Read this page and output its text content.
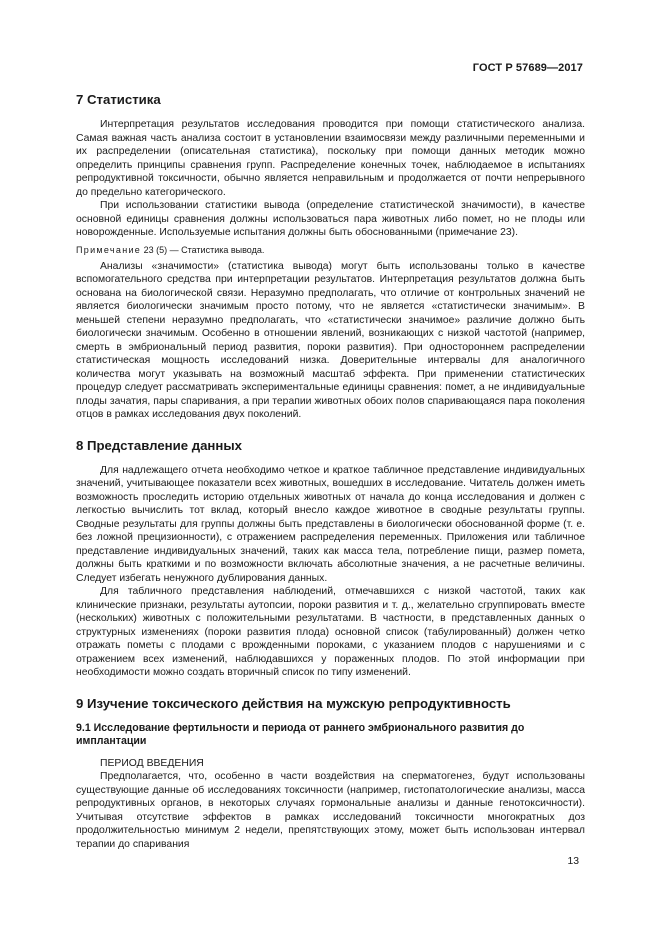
ГОСТ Р 57689—2017
7 Статистика

Интерпретация результатов исследования проводится при помощи статистического анализа. Самая важная часть анализа состоит в установлении взаимосвязи между различными переменными и их распределении (описательная статистика), поскольку при помощи данных методик можно определить принципы сравнения групп. Распределение конечных точек, наблюдаемое в испытаниях репродуктивной токсичности, обычно является неправильным и продолжается от почти непрерывного до предельно категорического.

При использовании статистики вывода (определение статистической значимости), в качестве основной единицы сравнения должны использоваться пара животных либо помет, но не плоды или новорожденные. Используемые испытания должны быть обоснованными (примечание 23).

Примечание 23 (5) — Статистика вывода.

Анализы «значимости» (статистика вывода) могут быть использованы только в качестве вспомогательного средства при интерпретации результатов. Интерпретация результатов должна быть основана на биологической связи. Неразумно предполагать, что отличие от контрольных значений не является биологически значимым просто потому, что не является «статистически значимым». В меньшей степени неразумно предполагать, что «статистически значимое» различие должно быть биологически значимым. Особенно в отношении явлений, возникающих с низкой частотой (например, смерть в эмбриональный период развития, пороки развития). При одностороннем распределении статистическая мощность исследований низка. Доверительные интервалы для аналогичного количества могут указывать на возможный масштаб эффекта. При применении статистических процедур следует рассматривать экспериментальные единицы сравнения: помет, а не индивидуальные плоды зачатия, пары спаривания, а при терапии животных обоих полов спаривающаяся пара поколения отцов в рамках исследования двух поколений.

8 Представление данных

Для надлежащего отчета необходимо четкое и краткое табличное представление индивидуальных значений, учитывающее показатели всех животных, вошедших в исследование. Читатель должен иметь возможность проследить историю отдельных животных от начала до конца исследования и должен с легкостью вычислить тот вклад, который внесло каждое животное в сводные результаты группы. Сводные результаты для группы должны быть представлены в биологически обоснованной форме (т. е. без ложной прецизионности), с отражением распределения переменных. Приложения или табличное представление индивидуальных значений, таких как масса тела, потребление пищи, размер помета, должны быть краткими и по возможности включать абсолютные значения, а не расчетные величины. Следует избегать ненужного дублирования данных.

Для табличного представления наблюдений, отмечавшихся с низкой частотой, таких как клинические признаки, результаты аутопсии, пороки развития и т. д., желательно сгруппировать вместе (нескольких) животных с положительными результатами. В частности, в представленных данных о структурных изменениях (пороки развития плода) основной список (табулированный) должен четко отражать пометы с плодами с врожденными пороками, с указанием плодов с нарушениями и с отражением всех изменений, наблюдавшихся у пораженных плодов. По этой информации при необходимости можно создать вторичный список по типу изменений.

9 Изучение токсического действия на мужскую репродуктивность
9.1 Исследование фертильности и периода от раннего эмбрионального развития до имплантации

ПЕРИОД ВВЕДЕНИЯ

Предполагается, что, особенно в части воздействия на сперматогенез, будут использованы существующие данные об исследованиях токсичности (например, гистопатологические анализы, масса репродуктивных органов, в некоторых случаях гормональные анализы и данные генотоксичности). Учитывая отсутствие эффектов в рамках исследований токсичности многократных доз продолжительностью минимум 2 недели, препятствующих этому, может быть использован интервал терапии до спаривания

13
